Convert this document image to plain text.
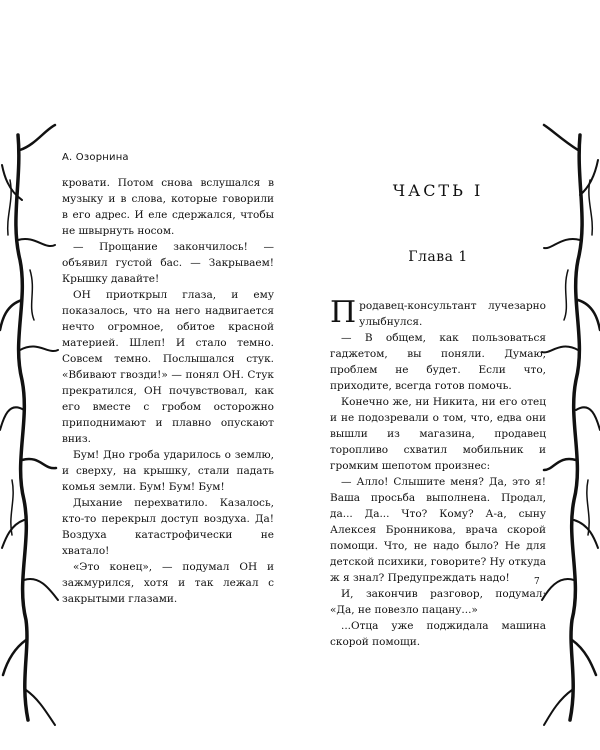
А. Озорнина

кровати. Потом снова вслушался в музыку и в слова, которые говорили в его адрес. И еле сдержался, чтобы не швырнуть носом.

— Прощание закончилось! — объявил густой бас. — Закрываем! Крышку давайте!

ОН приоткрыл глаза, и ему показалось, что на него надвигается нечто огромное, обитое красной материей. Шлеп! И стало темно. Совсем темно. Послышался стук. «Вбивают гвозди!» — понял ОН. Стук прекратился, ОН почувствовал, как его вместе с гробом осторожно приподнимают и плавно опускают вниз.

Бум! Дно гроба ударилось о землю, и сверху, на крышку, стали падать комья земли. Бум! Бум! Бум!

Дыхание перехватило. Казалось, кто-то перекрыл доступ воздуха. Да! Воздуха катастрофически не хватало!

«Это конец», — подумал ОН и зажмурился, хотя и так лежал с закрытыми глазами.

ЧАСТЬ I
Глава 1

Продавец-консультант лучезарно улыбнулся.

— В общем, как пользоваться гаджетом, вы поняли. Думаю, проблем не будет. Если что, приходите, всегда готов помочь.

Конечно же, ни Никита, ни его отец и не подозревали о том, что, едва они вышли из магазина, продавец торопливо схватил мобильник и громким шепотом произнес:

— Алло! Слышите меня? Да, это я! Ваша просьба выполнена. Продал, да... Да... Что? Кому? А-а, сыну Алексея Бронникова, врача скорой помощи. Что, не надо было? Не для детской психики, говорите? Ну откуда ж я знал? Предупреждать надо!

И, закончив разговор, подумал: «Да, не повезло пацану...»

...Отца уже поджидала машина скорой помощи.

7
